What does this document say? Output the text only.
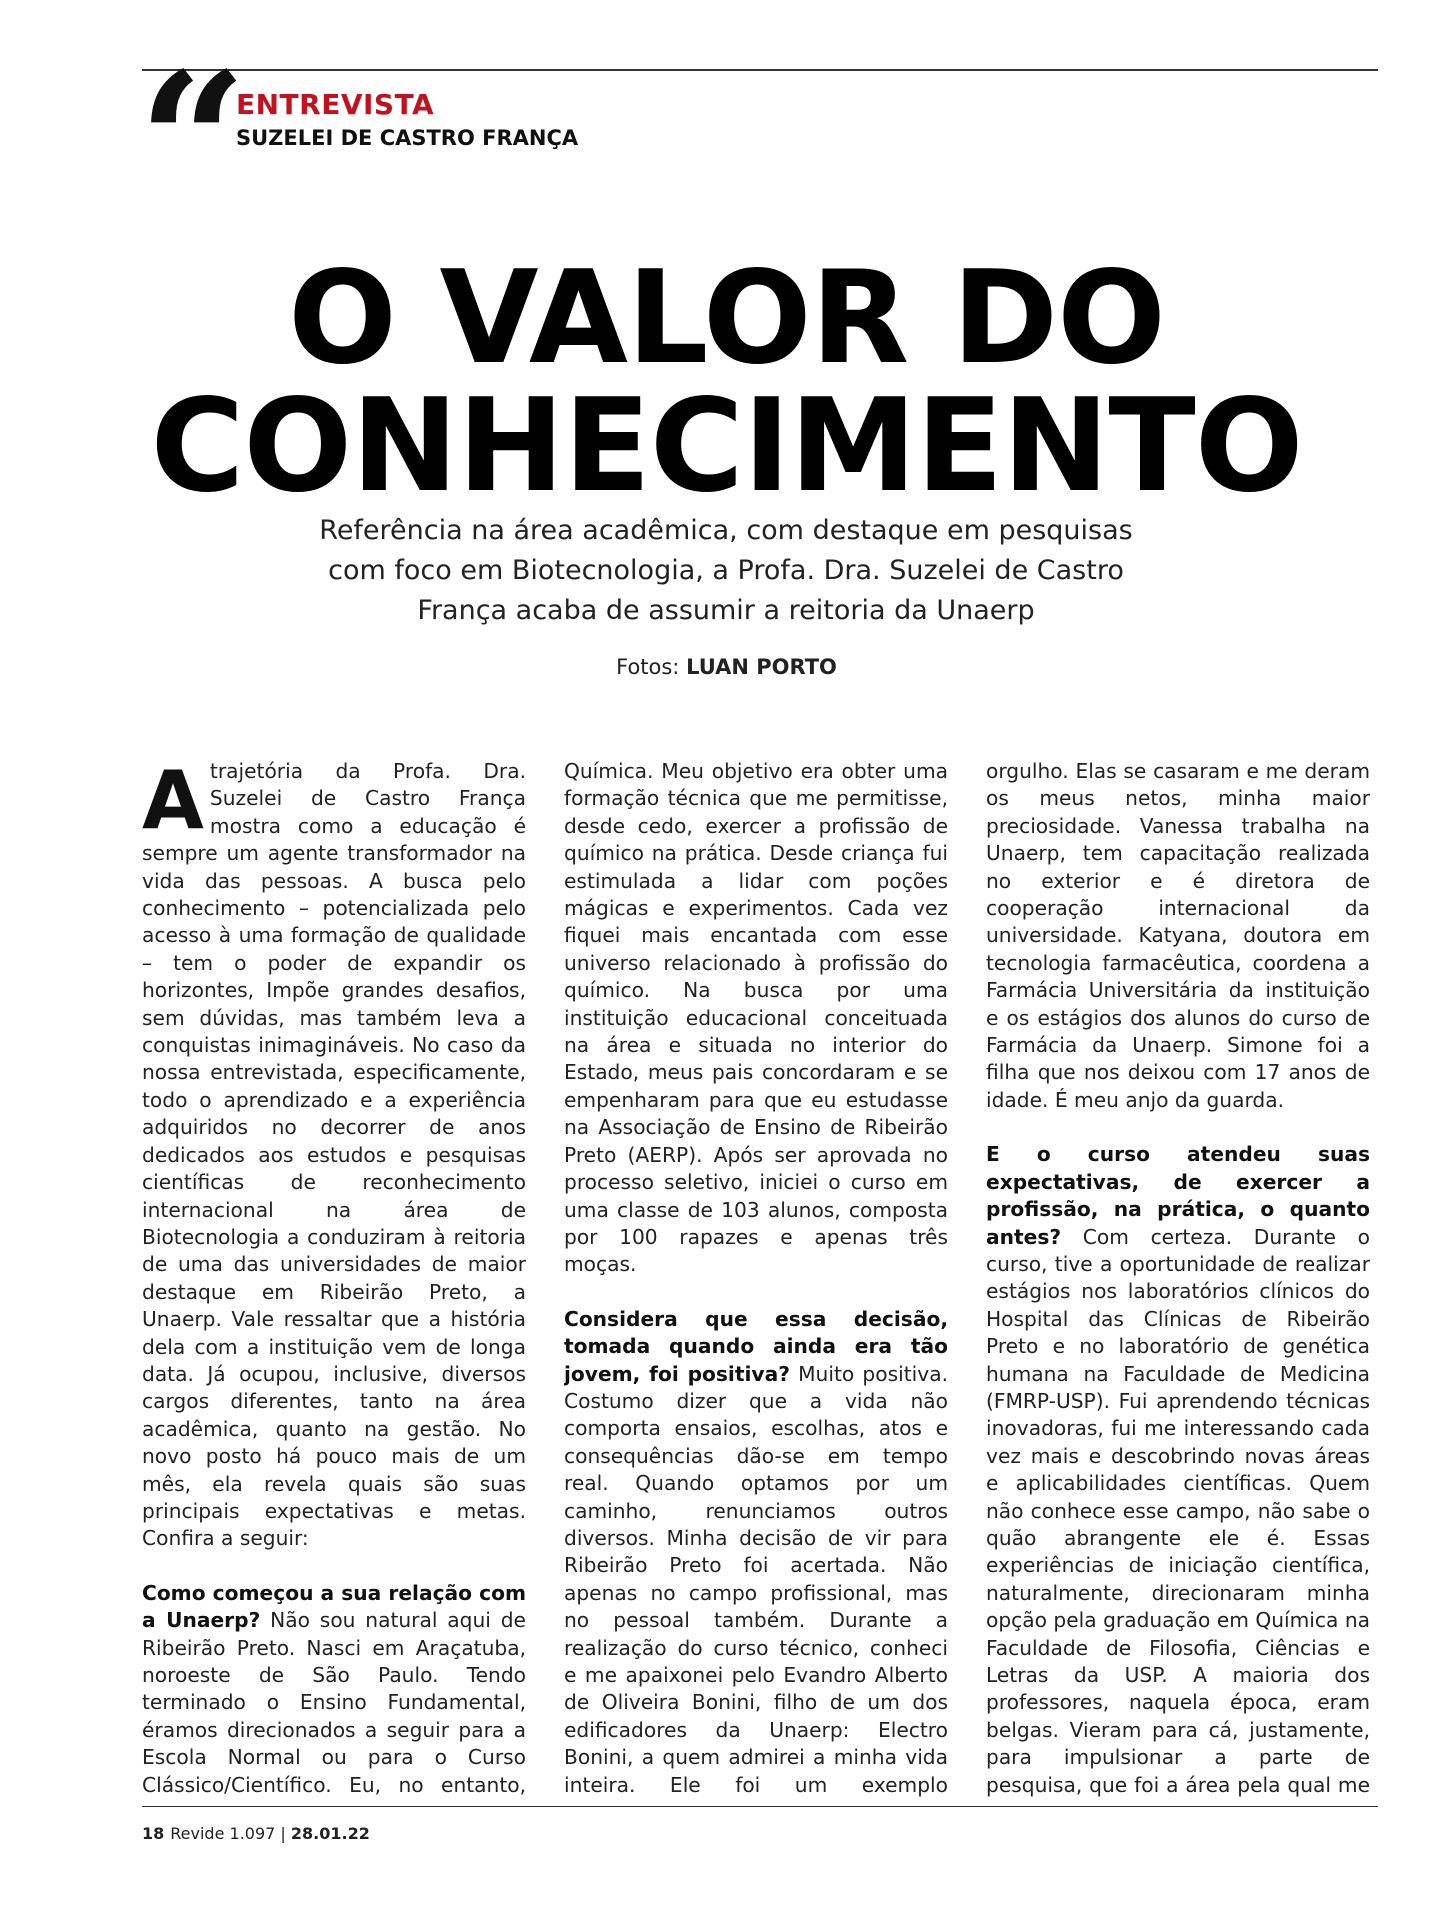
“ ENTREVISTA
SUZELEI DE CASTRO FRANÇA
O VALOR DO
CONHECIMENTO

Referência na área acadêmica, com destaque em pesquisas
com foco em Biotecnologia, a Profa. Dra. Suzelei de Castro
França acaba de assumir a reitoria da Unaerp

Fotos: LUAN PORTO

Atrajetória da Profa. Dra. Suzelei de Castro França mostra como a educação é sempre um agente transformador na vida das pessoas. A busca pelo conhecimento – potencializada pelo acesso à uma formação de qualidade – tem o poder de expandir os horizontes, Impõe grandes desafios, sem dúvidas, mas também leva a conquistas inimagináveis. No caso da nossa entrevistada, especificamente, todo o aprendizado e a experiência adquiridos no decorrer de anos dedicados aos estudos e pesquisas científicas de reconhecimento internacional na área de Biotecnologia a conduziram à reitoria de uma das universidades de maior destaque em Ribeirão Preto, a Unaerp. Vale ressaltar que a história dela com a instituição vem de longa data. Já ocupou, inclusive, diversos cargos diferentes, tanto na área acadêmica, quanto na gestão. No novo posto há pouco mais de um mês, ela revela quais são suas principais expectativas e metas. Confira a seguir:

Como começou a sua relação com a Unaerp? Não sou natural aqui de Ribeirão Preto. Nasci em Araçatuba, noroeste de São Paulo. Tendo terminado o Ensino Fundamental, éramos direcionados a seguir para a Escola Normal ou para o Curso Clássico/Científico. Eu, no entanto,

Química. Meu objetivo era obter uma formação técnica que me permitisse, desde cedo, exercer a profissão de químico na prática. Desde criança fui estimulada a lidar com poções mágicas e experimentos. Cada vez fiquei mais encantada com esse universo relacionado à profissão do químico. Na busca por uma instituição educacional conceituada na área e situada no interior do Estado, meus pais concordaram e se empenharam para que eu estudasse na Associação de Ensino de Ribeirão Preto (AERP). Após ser aprovada no processo seletivo, iniciei o curso em uma classe de 103 alunos, composta por 100 rapazes e apenas três moças.

Considera que essa decisão, tomada quando ainda era tão jovem, foi positiva? Muito positiva. Costumo dizer que a vida não comporta ensaios, escolhas, atos e consequências dão-se em tempo real. Quando optamos por um caminho, renunciamos outros diversos. Minha decisão de vir para Ribeirão Preto foi acertada. Não apenas no campo profissional, mas no pessoal também. Durante a realização do curso técnico, conheci e me apaixonei pelo Evandro Alberto de Oliveira Bonini, filho de um dos edificadores da Unaerp: Electro Bonini, a quem admirei a minha vida inteira. Ele foi um exemplo

orgulho. Elas se casaram e me deram os meus netos, minha maior preciosidade. Vanessa trabalha na Unaerp, tem capacitação realizada no exterior e é diretora de cooperação internacional da universidade. Katyana, doutora em tecnologia farmacêutica, coordena a Farmácia Universitária da instituição e os estágios dos alunos do curso de Farmácia da Unaerp. Simone foi a filha que nos deixou com 17 anos de idade. É meu anjo da guarda.

E o curso atendeu suas expectativas, de exercer a profissão, na prática, o quanto antes? Com certeza. Durante o curso, tive a oportunidade de realizar estágios nos laboratórios clínicos do Hospital das Clínicas de Ribeirão Preto e no laboratório de genética humana na Faculdade de Medicina (FMRP-USP). Fui aprendendo técnicas inovadoras, fui me interessando cada vez mais e descobrindo novas áreas e aplicabilidades científicas. Quem não conhece esse campo, não sabe o quão abrangente ele é. Essas experiências de iniciação científica, naturalmente, direcionaram minha opção pela graduação em Química na Faculdade de Filosofia, Ciências e Letras da USP. A maioria dos professores, naquela época, eram belgas. Vieram para cá, justamente, para impulsionar a parte de pesquisa, que foi a área pela qual me

18 Revide 1.097 | 28.01.22
